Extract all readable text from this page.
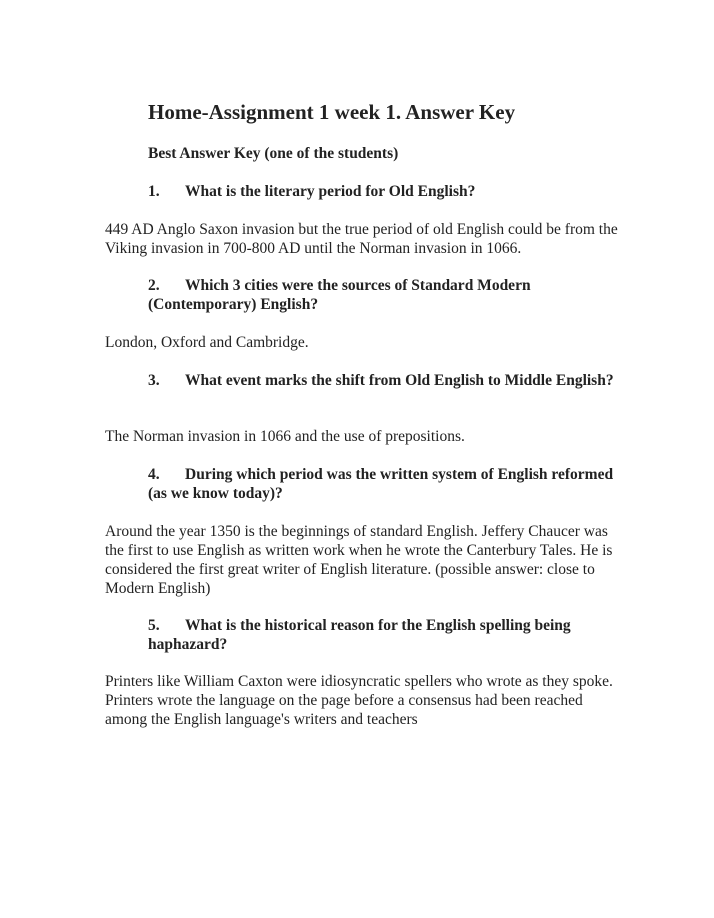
Home-Assignment 1 week 1. Answer Key

Best Answer Key (one of the students)

1. What is the literary period for Old English?

449 AD Anglo Saxon invasion but the true period of old English could be from the Viking invasion in 700-800 AD until the Norman invasion in 1066.

2. Which 3 cities were the sources of Standard Modern (Contemporary) English?

London, Oxford and Cambridge.

3. What event marks the shift from Old English to Middle English?

The Norman invasion in 1066 and the use of prepositions.

4. During which period was the written system of English reformed (as we know today)?

Around the year 1350 is the beginnings of standard English. Jeffery Chaucer was the first to use English as written work when he wrote the Canterbury Tales. He is considered the first great writer of English literature. (possible answer: close to Modern English)

5. What is the historical reason for the English spelling being haphazard?

Printers like William Caxton were idiosyncratic spellers who wrote as they spoke. Printers wrote the language on the page before a consensus had been reached among the English language's writers and teachers
